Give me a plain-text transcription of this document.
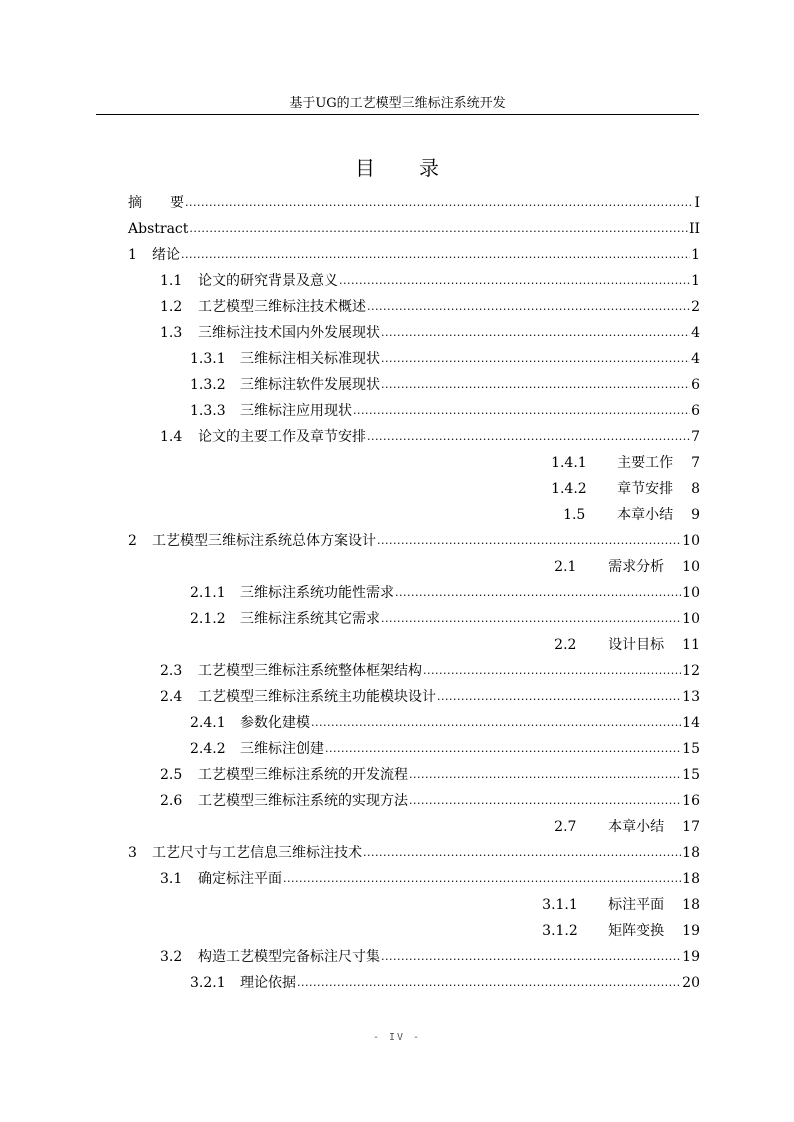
基于UG的工艺模型三维标注系统开发
目录
摘　　要 .....	I
Abstract .....	II
1	绪论 .....	1
1.1	论文的研究背景及意义 .....	1
1.2	工艺模型三维标注技术概述 .....	2
1.3	三维标注技术国内外发展现状 .....	4
1.3.1	三维标注相关标准现状 .....	4
1.3.2	三维标注软件发展现状 .....	6
1.3.3	三维标注应用现状 .....	6
1.4	论文的主要工作及章节安排 .....	7
1.4.1	主要工作 7
1.4.2	章节安排 8
1.5	本章小结 9
2	工艺模型三维标注系统总体方案设计 .....	10
2.1	需求分析 10
2.1.1	三维标注系统功能性需求 .....	10
2.1.2	三维标注系统其它需求 .....	10
2.2	设计目标 11
2.3	工艺模型三维标注系统整体框架结构 .....	12
2.4	工艺模型三维标注系统主功能模块设计 .....	13
2.4.1	参数化建模 .....	14
2.4.2	三维标注创建 .....	15
2.5	工艺模型三维标注系统的开发流程 .....	15
2.6	工艺模型三维标注系统的实现方法 .....	16
2.7	本章小结 17
3	工艺尺寸与工艺信息三维标注技术 .....	18
3.1	确定标注平面 .....	18
3.1.1	标注平面 18
3.1.2	矩阵变换 19
3.2	构造工艺模型完备标注尺寸集 .....	19
3.2.1	理论依据 .....	20
- IV -
